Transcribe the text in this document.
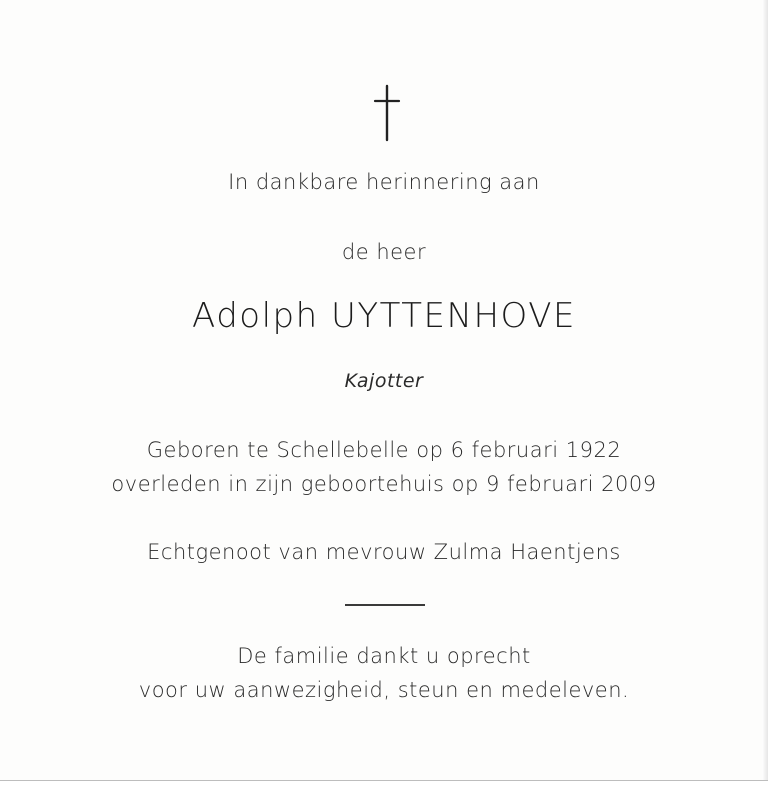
In dankbare herinnering aan
de heer
Adolph UYTTENHOVE
Kajotter
Geboren te Schellebelle op 6 februari 1922
overleden in zijn geboortehuis op 9 februari 2009
Echtgenoot van mevrouw Zulma Haentjens
De familie dankt u oprecht
voor uw aanwezigheid, steun en medeleven.
